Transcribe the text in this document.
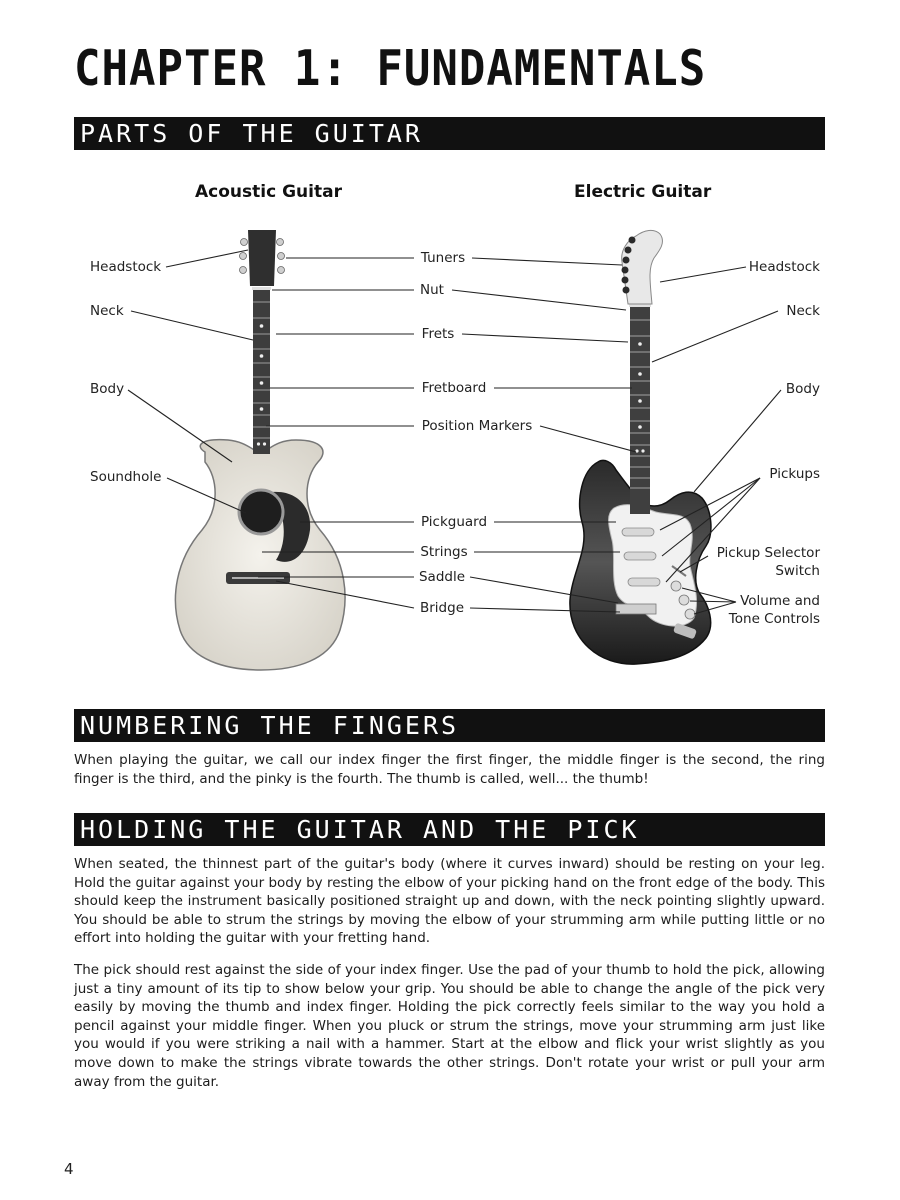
CHAPTER 1: FUNDAMENTALS
PARTS OF THE GUITAR
Acoustic Guitar	Electric Guitar
Headstock
Neck
Body
Soundhole
Tuners
Nut
Frets
Fretboard
Position Markers
Pickguard
Strings
Saddle
Bridge
Headstock
Neck
Body
Pickups
Pickup Selector
Switch
Volume and
Tone Controls
NUMBERING THE FINGERS

When playing the guitar, we call our index finger the first finger, the middle finger is the second, the ring finger is the third, and the pinky is the fourth. The thumb is called, well... the thumb!

HOLDING THE GUITAR AND THE PICK

When seated, the thinnest part of the guitar's body (where it curves inward) should be resting on your leg. Hold the guitar against your body by resting the elbow of your picking hand on the front edge of the body. This should keep the instrument basically positioned straight up and down, with the neck pointing slightly upward. You should be able to strum the strings by moving the elbow of your strumming arm while putting little or no effort into holding the guitar with your fretting hand.

The pick should rest against the side of your index finger. Use the pad of your thumb to hold the pick, allowing just a tiny amount of its tip to show below your grip. You should be able to change the angle of the pick very easily by moving the thumb and index finger. Holding the pick correctly feels similar to the way you hold a pencil against your middle finger. When you pluck or strum the strings, move your strumming arm just like you would if you were striking a nail with a hammer. Start at the elbow and flick your wrist slightly as you move down to make the strings vibrate towards the other strings. Don't rotate your wrist or pull your arm away from the guitar.

4
